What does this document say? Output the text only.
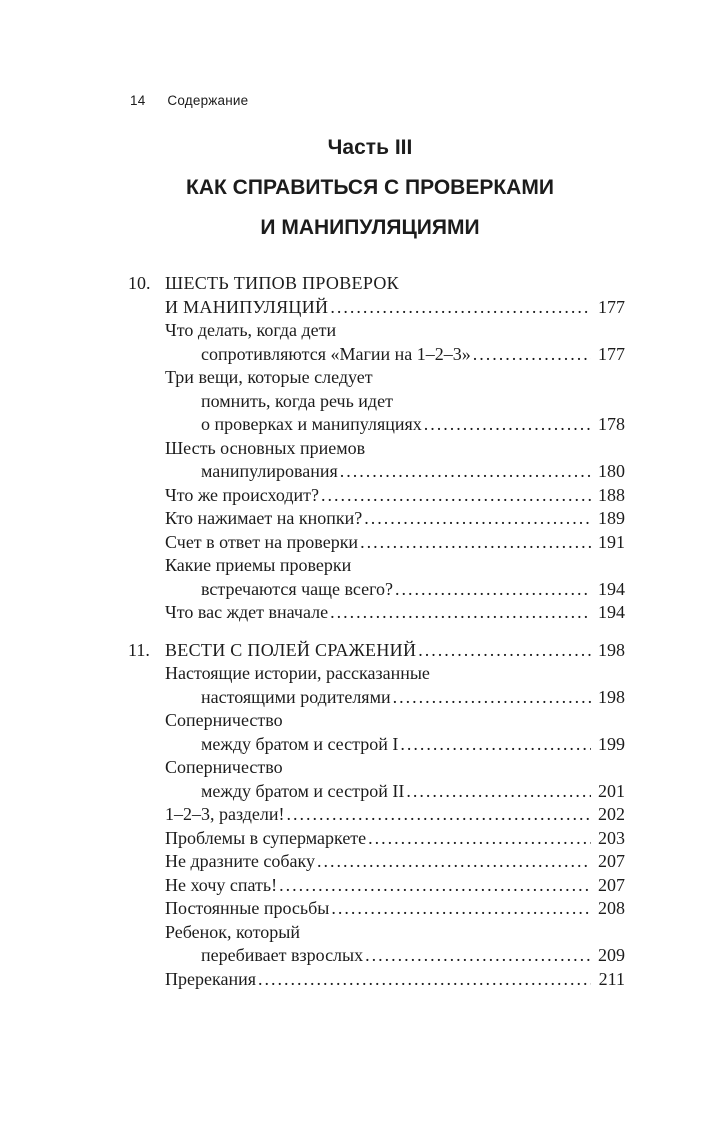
14 Содержание
Часть III
КАК СПРАВИТЬСЯ С ПРОВЕРКАМИ
И МАНИПУЛЯЦИЯМИ
10. ШЕСТЬ ТИПОВ ПРОВЕРОК
И МАНИПУЛЯЦИЙ .....	177
Что делать, когда дети
сопротивляются «Магии на 1–2–3» .....	177
Три вещи, которые следует
помнить, когда речь идет
о проверках и манипуляциях .....	178
Шесть основных приемов
манипулирования .....	180
Что же происходит? .....	188
Кто нажимает на кнопки? .....	189
Счет в ответ на проверки .....	191
Какие приемы проверки
встречаются чаще всего? .....	194
Что вас ждет вначале .....	194
11. ВЕСТИ С ПОЛЕЙ СРАЖЕНИЙ .....	198
Настоящие истории, рассказанные
настоящими родителями .....	198
Соперничество
между братом и сестрой I .....	199
Соперничество
между братом и сестрой II .....	201
1–2–3, раздели! .....	202
Проблемы в супермаркете .....	203
Не дразните собаку .....	207
Не хочу спать! .....	207
Постоянные просьбы .....	208
Ребенок, который
перебивает взрослых .....	209
Пререкания .....	211
